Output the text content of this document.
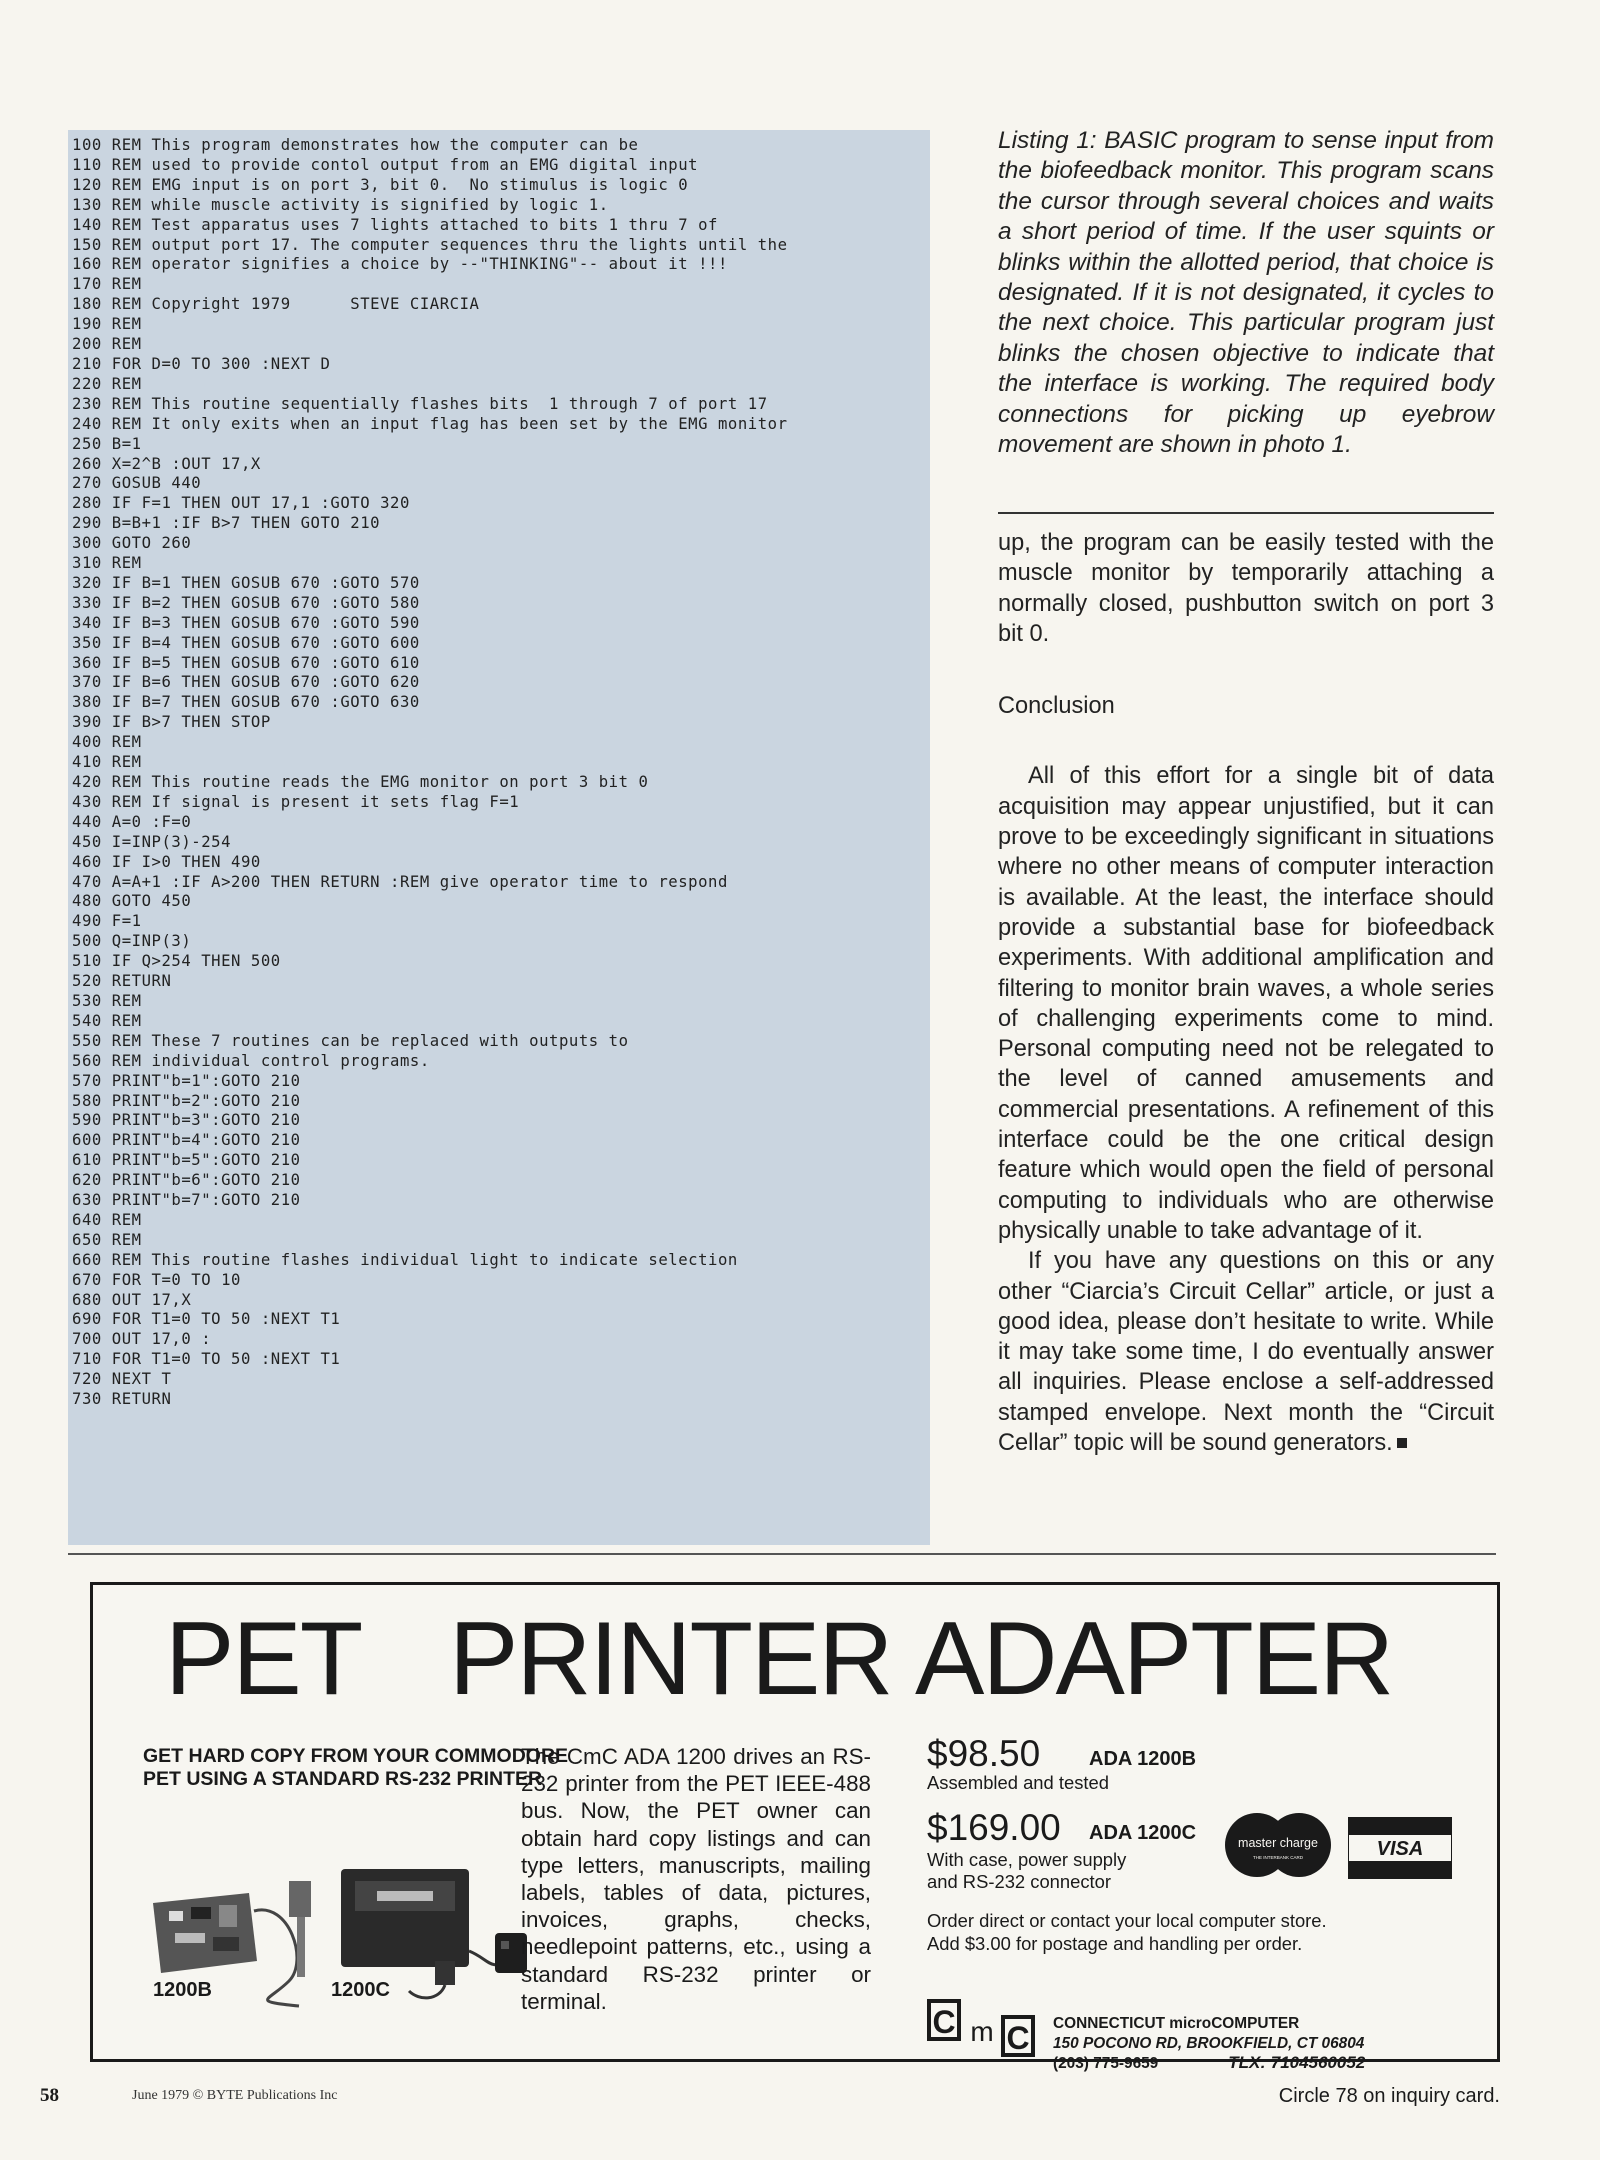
100 REM This program demonstrates how the computer can be
110 REM used to provide contol output from an EMG digital input
120 REM EMG input is on port 3, bit 0.  No stimulus is logic 0
130 REM while muscle activity is signified by logic 1.
140 REM Test apparatus uses 7 lights attached to bits 1 thru 7 of
150 REM output port 17. The computer sequences thru the lights until the
160 REM operator signifies a choice by --"THINKING"-- about it !!!
170 REM
180 REM Copyright 1979      STEVE CIARCIA
190 REM
200 REM
210 FOR D=0 TO 300 :NEXT D
220 REM
230 REM This routine sequentially flashes bits  1 through 7 of port 17
240 REM It only exits when an input flag has been set by the EMG monitor
250 B=1
260 X=2^B :OUT 17,X
270 GOSUB 440
280 IF F=1 THEN OUT 17,1 :GOTO 320
290 B=B+1 :IF B>7 THEN GOTO 210
300 GOTO 260
310 REM
320 IF B=1 THEN GOSUB 670 :GOTO 570
330 IF B=2 THEN GOSUB 670 :GOTO 580
340 IF B=3 THEN GOSUB 670 :GOTO 590
350 IF B=4 THEN GOSUB 670 :GOTO 600
360 IF B=5 THEN GOSUB 670 :GOTO 610
370 IF B=6 THEN GOSUB 670 :GOTO 620
380 IF B=7 THEN GOSUB 670 :GOTO 630
390 IF B>7 THEN STOP
400 REM
410 REM
420 REM This routine reads the EMG monitor on port 3 bit 0
430 REM If signal is present it sets flag F=1
440 A=0 :F=0
450 I=INP(3)-254
460 IF I>0 THEN 490
470 A=A+1 :IF A>200 THEN RETURN :REM give operator time to respond
480 GOTO 450
490 F=1
500 Q=INP(3)
510 IF Q>254 THEN 500
520 RETURN
530 REM
540 REM
550 REM These 7 routines can be replaced with outputs to
560 REM individual control programs.
570 PRINT"b=1":GOTO 210
580 PRINT"b=2":GOTO 210
590 PRINT"b=3":GOTO 210
600 PRINT"b=4":GOTO 210
610 PRINT"b=5":GOTO 210
620 PRINT"b=6":GOTO 210
630 PRINT"b=7":GOTO 210
640 REM
650 REM
660 REM This routine flashes individual light to indicate selection
670 FOR T=0 TO 10
680 OUT 17,X
690 FOR T1=0 TO 50 :NEXT T1
700 OUT 17,0 :
710 FOR T1=0 TO 50 :NEXT T1
720 NEXT T
730 RETURN
Listing 1: BASIC program to sense input from the biofeedback monitor. This program scans the cursor through several choices and waits a short period of time. If the user squints or blinks within the allotted period, that choice is designated. If it is not designated, it cycles to the next choice. This particular program just blinks the chosen objective to indicate that the interface is working. The required body connections for picking up eyebrow movement are shown in photo 1.

up, the program can be easily tested with the muscle monitor by temporarily attaching a normally closed, pushbutton switch on port 3 bit 0.

Conclusion

All of this effort for a single bit of data acquisition may appear unjustified, but it can prove to be exceedingly significant in situations where no other means of computer interaction is available. At the least, the interface should provide a substantial base for biofeedback experiments. With additional amplification and filtering to monitor brain waves, a whole series of challenging experiments come to mind. Personal computing need not be relegated to the level of canned amusements and commercial presentations. A refinement of this interface could be the one critical design feature which would open the field of personal computing to individuals who are otherwise physically unable to take advantage of it.

If you have any questions on this or any other “Ciarcia’s Circuit Cellar” article, or just a good idea, please don’t hesitate to write. While it may take some time, I do eventually answer all inquiries. Please enclose a self-addressed stamped envelope. Next month the “Circuit Cellar” topic will be sound generators.

PET PRINTER ADAPTER
GET HARD COPY FROM YOUR COMMODORE PET USING A STANDARD RS-232 PRINTER
1200B	1200C
The CmC ADA 1200 drives an RS-232 printer from the PET IEEE-488 bus. Now, the PET owner can obtain hard copy listings and can type letters, manuscripts, mailing labels, tables of data, pictures, invoices, graphs, checks, needlepoint patterns, etc., using a standard RS-232 printer or terminal.
$98.50 ADA 1200B
Assembled and tested
$169.00 ADA 1200C
With case, power supply
and RS-232 connector
master charge
THE INTERBANK CARD	VISA
Order direct or contact your local computer store.
Add $3.00 for postage and handling per order.
C m C CONNECTICUT microCOMPUTER
150 POCONO RD, BROOKFIELD, CT 06804
(203) 775-9659	TLX: 7104560052
58	June 1979 © BYTE Publications Inc	Circle 78 on inquiry card.
